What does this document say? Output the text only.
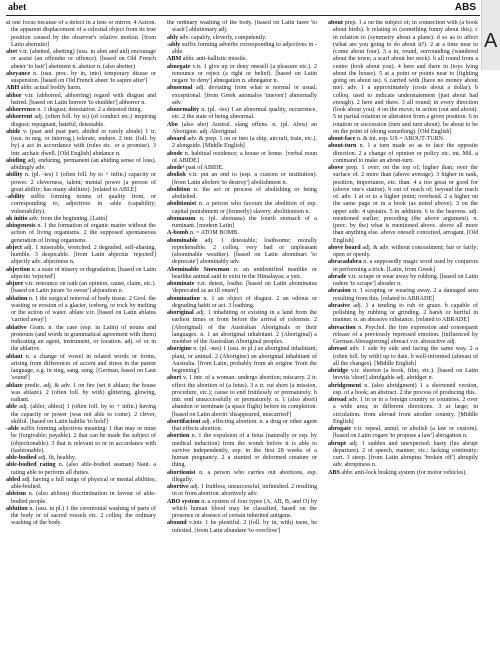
abet	ABS
at one focus because of a defect in a lens or mirror. 4 Astron. the apparent displacement of a celestial object from its true position caused by the observer's relative motion. [from Latin aberratio]
abet v.tr. (abetted, abetting) (usu. in abet and aid) encourage or assist (an offender or offence). [based on Old French abeter 'to bait'] abetment n. abettor n. (also abetter)
abeyance n. (usu. prec. by in, into) temporary disuse or suspension. [based on Old French abeer 'to aspire after']
ABH abbr. actual bodily harm.
abhor v.tr. (abhorred, abhorring) regard with disgust and hatred. [based on Latin horrere 'to shudder'] abhorrer n.
abhorrence n. 1 disgust; detestation. 2 a detested thing.
abhorrent adj. (often foll. by to) (of conduct etc.) inspiring disgust; repugnant, hateful, detestable.
abide v. (past and past part. abided or rarely abode) 1 tr. (usu. in neg. or interrog.) tolerate, endure. 2 intr. (foll. by by) a act in accordance with (rules etc. or a promise). 3 intr. archaic dwell. [Old English] abidance n.
abiding adj. enduring, permanent (an abiding sense of loss). abidingly adv.
ability n. (pl. -ies) 1 (often foll. by to + infin.) capacity or power. 2 cleverness, talent; mental power (a person of great ability; has many abilities). [related to ABLE]
-ability suffix forming nouns of quality from, or corresponding to, adjectives in -able (capability; vulnerability).
ab initio adv. from the beginning. [Latin]
abiogenesis n. 1 the formation of organic matter without the action of living organisms. 2 the supposed spontaneous generation of living organisms.
abject adj. 1 miserable, wretched. 2 degraded, self-abasing, humble. 3 despicable. [from Latin abjectus 'rejected'] abjectly adv. abjectness n.
abjection n. a state of misery or degradation. [based on Latin abjectio 'rejected']
abjure v.tr. renounce on oath (an opinion, cause, claim, etc.). [based on Latin jurare 'to swear'] abjuration n.
ablation n. 1 the surgical removal of body tissue. 2 Geol. the wasting or erosion of a glacier, iceberg, or rock by melting or the action of water. ablate v.tr. [based on Latin ablatus 'carried away']
ablative Gram. n. the case (esp. in Latin) of nouns and pronouns (and words in grammatical agreement with them) indicating an agent, instrument, or location. adj. of or in the ablative.
ablaut n. a change of vowel in related words or forms, arising from differences of accent and stress in the parent language, e.g. in sing, sang, sung. [German, based on Laut 'sound']
ablaze predic. adj. & adv. 1 on fire (set it ablaze; the house was ablaze). 2 (often foll. by with) glittering, glowing, radiant.
able adj. (abler, ablest) 1 (often foll. by to + infin.) having the capacity or power (was not able to come). 2 clever, skilful. [based on Latin habilis 'to hold']
-able suffix forming adjectives meaning: 1 that may or must be (forgivable; payable). 2 that can be made the subject of (objectionable). 3 that is relevant to or in accordance with (fashionable).
able-bodied adj. fit, healthy.
able-bodied rating n. (also able-bodied seaman) Naut. a rating able to perform all duties.
abled adj. having a full range of physical or mental abilities; able-bodied.
ableism n. (also ablism) discrimination in favour of able-bodied people.
ablution n. (usu. in pl.) 1 the ceremonial washing of parts of the body or of sacred vessels etc. 2 colloq. the ordinary washing of the body.
the ordinary washing of the body. [based on Latin luere 'to wash'] ablutionary adj.
ably adv. capably, cleverly, competently.
-ably suffix forming adverbs corresponding to adjectives in -able.
ABM abbr. anti-ballistic missile.
abnegate v.tr. 1 give up or deny oneself (a pleasure etc.). 2 renounce or reject (a right or belief). [based on Latin negare 'to deny'] abnegation n. abnegator n.
abnormal adj. deviating from what is normal or usual; exceptional. [from Greek anomalos 'uneven'] abnormally adv.
abnormality n. (pl. -ies) 1 an abnormal quality, occurrence, etc. 2 the state of being abnormal.
Abo (also abo) Austral. slang offens. n. (pl. Abos) an Aborigine. adj. Aboriginal.
aboard adv. & prep. 1 on or into (a ship, aircraft, train, etc.). 2 alongside. [Middle English]
abode n. habitual residence; a house or home. [verbal noun of ABIDE]
abode² past of ABIDE.
abolish v.tr. put an end to (esp. a custom or institution). [from Latin abolere 'to destroy'] abolishment n.
abolition n. the act or process of abolishing or being abolished.
abolitionist n. a person who favours the abolition of esp. capital punishment or (formerly) slavery. abolitionism n.
abomasum n. (pl. abomasa) the fourth stomach of a ruminant. [modern Latin]
A-bomb n. = ATOM BOMB.
abominable adj. 1 detestable; loathsome; morally reprehensible. 2 colloq. very bad or unpleasant (abominable weather). [based on Latin abominari 'to deprecate'] abominably adv.
Abominable Snowman n. an unidentified manlike or bearlike animal said to exist in the Himalayas; a yeti.
abominate v.tr. detest, loathe. [based on Latin abominatus 'deprecated as an ill omen']
abomination n. 1 an object of disgust. 2 an odious or degrading habit or act. 3 loathing.
aboriginal adj. 1 inhabiting or existing in a land from the earliest times or from before the arrival of colonists. 2 (Aboriginal) of the Australian Aboriginals or their languages. n. 1 an aboriginal inhabitant. 2 (Aboriginal) a member of the Australian Aboriginal peoples.
aborigine n. (pl. -nes) 1 (usu. in pl.) an aboriginal inhabitant, plant, or animal. 2 (Aborigine) an aboriginal inhabitant of Australia. [from Latin, probably from ab origine 'from the beginning']
abort v. 1 intr. of a woman: undergo abortion; miscarry. 2 tr. effect the abortion of (a fetus). 3 a tr. cut short (a mission, procedure, etc.); cause to end fruitlessly or prematurely. b intr. end unsuccessfully or prematurely. n. 1 (also abort) abandon or terminate (a space flight) before its completion. [based on Latin aboriri 'disappeared, miscarried']
abortifacient adj. effecting abortion. n. a drug or other agent that effects abortion.
abortion n. 1 the expulsion of a fetus (naturally or esp. by medical induction) from the womb before it is able to survive independently, esp. in the first 28 weeks of a human pregnancy. 2 a stunted or deformed creature or thing.
abortionist n. a person who carries out abortions, esp. illegally.
abortive adj. 1 fruitless, unsuccessful, unfinished. 2 resulting in or from abortion. abortively adv.
ABO system n. a system of four types (A, AB, B, and O) by which human blood may be classified, based on the presence or absence of certain inherited antigens.
abound v.intr. 1 be plentiful. 2 (foll. by in, with) teem, be infested. [from Latin abundare 'to overflow']
about prep. 1 a on the subject of; in connection with (a book about birds). b relating to (something funny about this). c in relation to (symmetry about a plane). d so as to affect (what are you going to do about it?). 2 at a time near to (come about four). 3 a in, round, surrounding (wandered about the town; a scarf about her neck). b all round from a centre (look about you). 4 here and there in (toys lying about the house). 5 at a point or points near to (fighting going on about us). 6 carried with (have no money about me). adv. 1 a approximately (costs about a dollar). b colloq. used to indicate understatement (just about had enough). 2 here and there. 3 all round; in every direction (look about you). 4 on the move; in action (out and about). 5 in partial rotation or alteration from a given position. 6 in rotation or succession (turn and turn about). be about to be on the point of (doing something). [Old English]
about-face n. & int. esp. US = ABOUT-TURN.
about-turn n. 1 a turn made so as to face the opposite direction. 2 a change of opinion or policy etc. int. Mil. a command to make an about-turn.
above prep. 1 over; on the top of; higher than; over the surface of. 2 more than (above average). 3 higher in rank, position, importance, etc. than. 4 a too great or good for (above one's station). b out of reach of; beyond the reach of. adv. 1 at or to a higher point; overhead. 2 a higher on the same page or in a book (as noted above). 3 on the upper side. 4 upstairs. 5 in addition. 6 to the heavens. adj. mentioned earlier; preceding (the above argument). n. (prec. by the) what is mentioned above. above all more than anything else. above oneself conceited, arrogant. [Old English]
above board adj. & adv. without concealment; fair or fairly; open or openly.
abracadabra n. a supposedly magic word used by conjurors in performing a trick. [Latin, from Greek]
abrade v.tr. scrape or wear away by rubbing. [based on Latin radere 'to scrape'] abrader n.
abrasion n. 1 scraping or wearing away. 2 a damaged area resulting from this. [related to ABRADE]
abrasive adj. 1 a tending to rub or graze. b capable of polishing by rubbing or grinding. 2 harsh or hurtful in manner. n. an abrasive substance. [related to ABRADE]
abreaction n. Psychol. the free expression and consequent release of a previously repressed emotion. [influenced by German Abreagierung] abreact v.tr. abreactive adj.
abreast adv. 1 side by side and facing the same way. 2 a (often foll. by with) up to date. b well-informed (abreast of all the changes). [Middle English]
abridge v.tr. shorten (a book, film, etc.). [based on Latin breviis 'short'] abridgable adj. abridger n.
abridgement n. (also abridgment) 1 a shortened version, esp. of a book; an abstract. 2 the process of producing this.
abroad adv. 1 in or to a foreign country or countries. 2 over a wide area; in different directions. 3 at large; in circulation. from abroad from another country. [Middle English]
abrogate v.tr. repeal, annul, or abolish (a law or custom). [based on Latin rogare 'to propose a law'] abrogation n.
abrupt adj. 1 sudden and unexpected; hasty (his abrupt departure). 2 of speech, manner, etc.: lacking continuity; curt. 3 steep. [from Latin abruptus 'broken off'] abruptly adv. abruptness n.
ABS abbr. anti-lock braking system (for motor vehicles).
A
